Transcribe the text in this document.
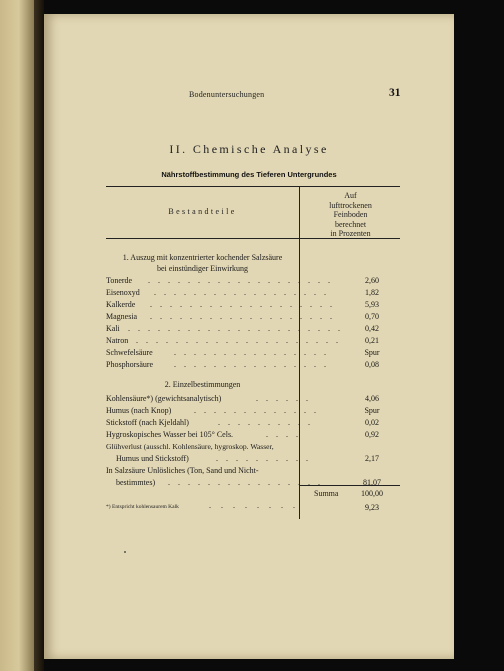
Bodenuntersuchungen	31
II. Chemische Analyse
Nährstoffbestimmung des Tieferen Untergrundes
Bestandteile
Auf
lufttrockenen
Feinboden
berechnet
in Prozenten
1. Auszug mit konzentrierter kochender Salzsäure
bei einstündiger Einwirkung
Tonerde . . . . . . . . . . . . . . . . . . .	2,60
Eisenoxyd . . . . . . . . . . . . . . . . . .	1,82
Kalkerde . . . . . . . . . . . . . . . . . . .	5,93
Magnesia . . . . . . . . . . . . . . . . . . .	0,70
Kali . . . . . . . . . . . . . . . . . . . . . .	0,42
Natron . . . . . . . . . . . . . . . . . . . . .	0,21
Schwefelsäure	. . . . . . . . . . . . . . . .	Spur
Phosphorsäure	. . . . . . . . . . . . . . . .	0,08
2. Einzelbestimmungen
Kohlensäure*) (gewichtsanalytisch)	. . . . . .	4,06
Humus (nach Knop)	. . . . . . . . . . . . .	Spur
Stickstoff (nach Kjeldahl)	. . . . . . . . . .	0,02
Hygroskopisches Wasser bei 105° Cels.	. . . .	0,92
Glühverlust (ausschl. Kohlensäure, hygroskop. Wasser,
Humus und Stickstoff)	. . . . . . . . . .	2,17
In Salzsäure Unlösliches (Ton, Sand und Nicht-
bestimmtes) . . . . . . . . . . . . . . . .	81,07
Summa	100,00
*) Entspricht kohlensaurem Kalk	. . . . . . . .	9,23
